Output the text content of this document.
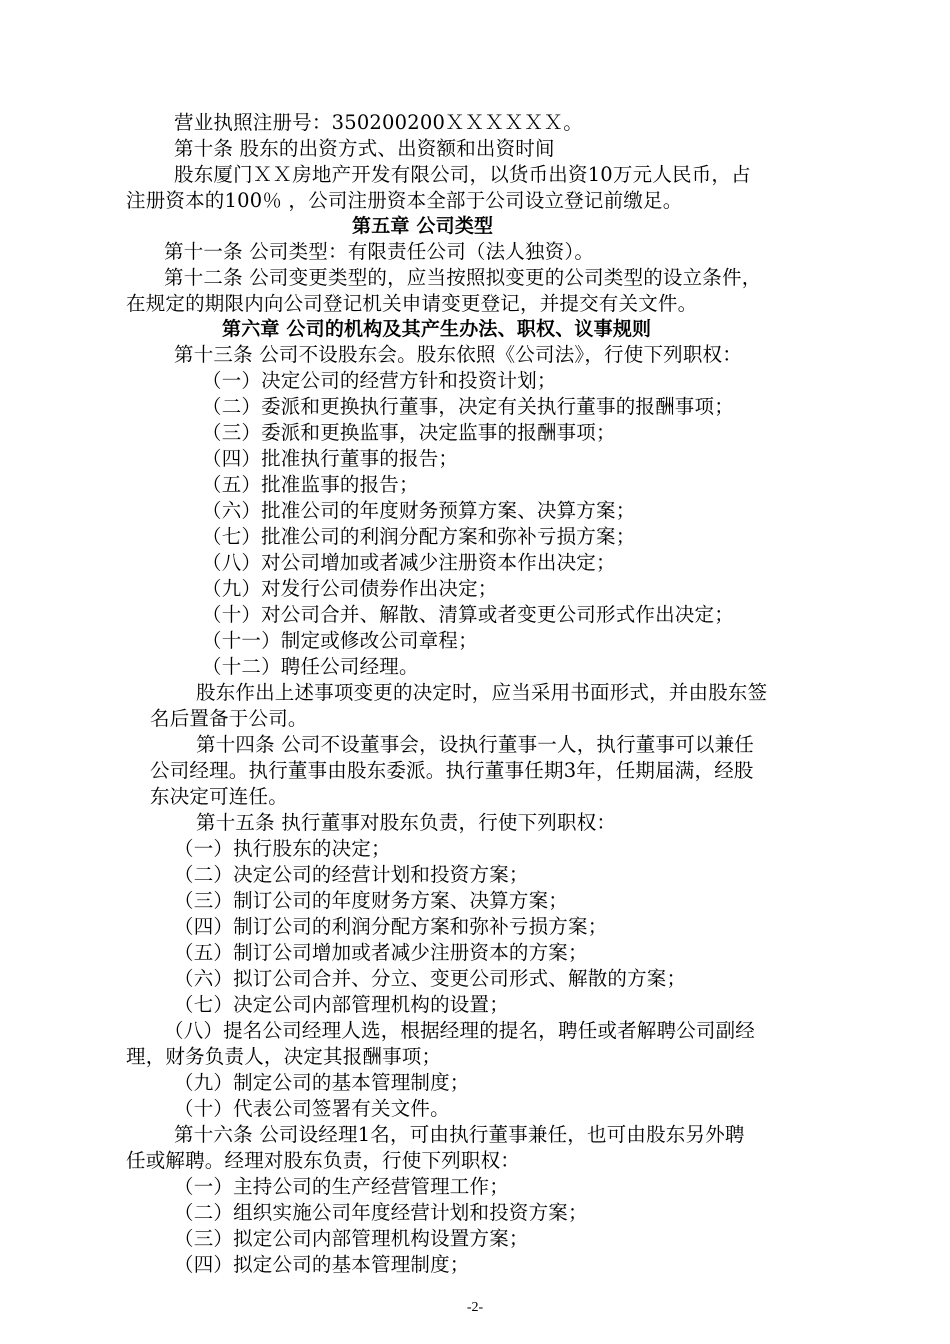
营业执照注册号：350200200ＸＸＸＸＸＸ。
第十条 股东的出资方式、出资额和出资时间
股东厦门ＸＸ房地产开发有限公司，以货币出资10万元人民币，占
注册资本的100％ ，公司注册资本全部于公司设立登记前缴足。
第五章 公司类型
第十一条 公司类型：有限责任公司（法人独资）。
第十二条 公司变更类型的，应当按照拟变更的公司类型的设立条件，
在规定的期限内向公司登记机关申请变更登记，并提交有关文件。
第六章 公司的机构及其产生办法、职权、议事规则
第十三条 公司不设股东会。股东依照《公司法》，行使下列职权：
（一）决定公司的经营方针和投资计划；
（二）委派和更换执行董事，决定有关执行董事的报酬事项；
（三）委派和更换监事，决定监事的报酬事项；
（四）批准执行董事的报告；
（五）批准监事的报告；
（六）批准公司的年度财务预算方案、决算方案；
（七）批准公司的利润分配方案和弥补亏损方案；
（八）对公司增加或者减少注册资本作出决定；
（九）对发行公司债券作出决定；
（十）对公司合并、解散、清算或者变更公司形式作出决定；
（十一）制定或修改公司章程；
（十二）聘任公司经理。
股东作出上述事项变更的决定时，应当采用书面形式，并由股东签
名后置备于公司。
第十四条 公司不设董事会，设执行董事一人，执行董事可以兼任
公司经理。执行董事由股东委派。执行董事任期3年，任期届满，经股
东决定可连任。
第十五条 执行董事对股东负责，行使下列职权：
（一）执行股东的决定；
（二）决定公司的经营计划和投资方案；
（三）制订公司的年度财务方案、决算方案；
（四）制订公司的利润分配方案和弥补亏损方案；
（五）制订公司增加或者减少注册资本的方案；
（六）拟订公司合并、分立、变更公司形式、解散的方案；
（七）决定公司内部管理机构的设置；
（八）提名公司经理人选，根据经理的提名，聘任或者解聘公司副经
理，财务负责人，决定其报酬事项；
（九）制定公司的基本管理制度；
（十）代表公司签署有关文件。
第十六条 公司设经理1名，可由执行董事兼任，也可由股东另外聘
任或解聘。经理对股东负责，行使下列职权：
（一）主持公司的生产经营管理工作；
（二）组织实施公司年度经营计划和投资方案；
（三）拟定公司内部管理机构设置方案；
（四）拟定公司的基本管理制度；
-2-
